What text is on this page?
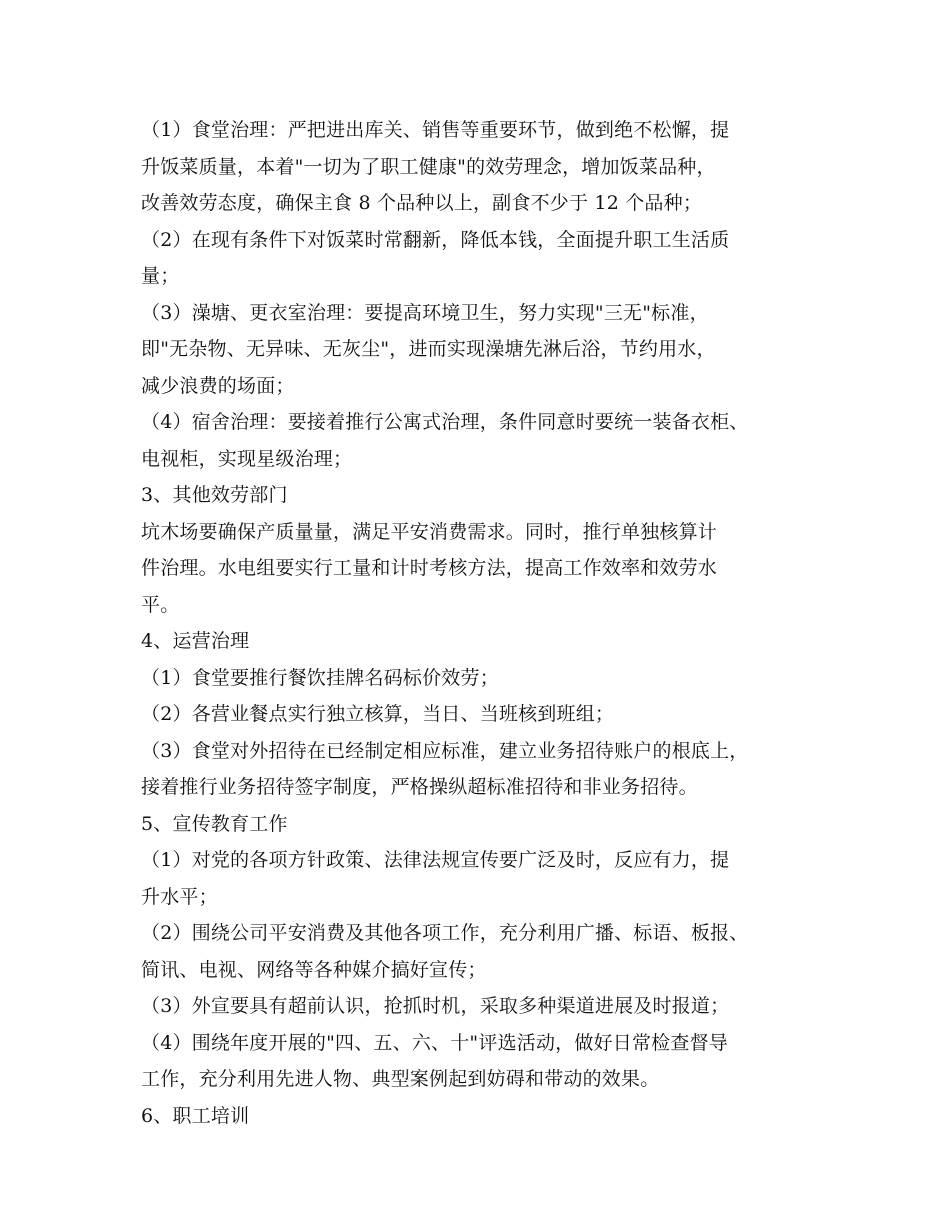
（1）食堂治理：严把进出库关、销售等重要环节，做到绝不松懈，提
升饭菜质量，本着"一切为了职工健康"的效劳理念，增加饭菜品种，
改善效劳态度，确保主食 8 个品种以上，副食不少于 12 个品种；
（2）在现有条件下对饭菜时常翻新，降低本钱，全面提升职工生活质
量；
（3）澡塘、更衣室治理：要提高环境卫生，努力实现"三无"标准，
即"无杂物、无异味、无灰尘"，进而实现澡塘先淋后浴，节约用水，
减少浪费的场面；
（4）宿舍治理：要接着推行公寓式治理，条件同意时要统一装备衣柜、
电视柜，实现星级治理；
3、其他效劳部门
坑木场要确保产质量量，满足平安消费需求。同时，推行单独核算计
件治理。水电组要实行工量和计时考核方法，提高工作效率和效劳水
平。
4、运营治理
（1）食堂要推行餐饮挂牌名码标价效劳；
（2）各营业餐点实行独立核算，当日、当班核到班组；
（3）食堂对外招待在已经制定相应标准，建立业务招待账户的根底上，
接着推行业务招待签字制度，严格操纵超标准招待和非业务招待。
5、宣传教育工作
（1）对党的各项方针政策、法律法规宣传要广泛及时，反应有力，提
升水平；
（2）围绕公司平安消费及其他各项工作，充分利用广播、标语、板报、
简讯、电视、网络等各种媒介搞好宣传；
（3）外宣要具有超前认识，抢抓时机，采取多种渠道进展及时报道；
（4）围绕年度开展的"四、五、六、十"评选活动，做好日常检查督导
工作，充分利用先进人物、典型案例起到妨碍和带动的效果。
6、职工培训
